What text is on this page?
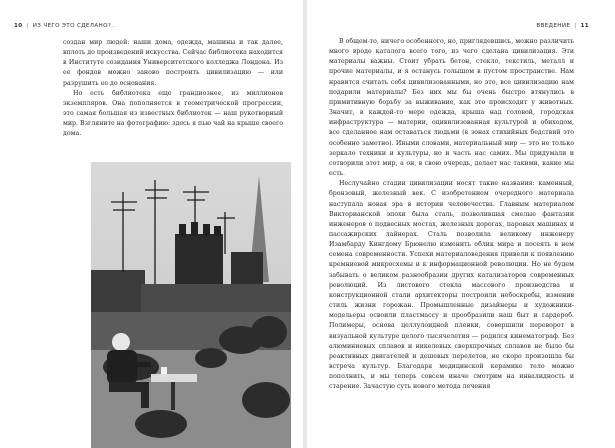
10 | ИЗ ЧЕГО ЭТО СДЕЛАНО?..

создан мир людей: наши дома, одежда, машины и так далее, вплоть до произведений искусства. Сейчас библиотека находится в Институте созидания Университетского колледжа Лондона. Из ее фондов можно заново построить цивилизацию — или разрушить ее до основания.

Но есть библиотека еще грандиознее, из миллионов экземпляров. Она пополняется в геометрической прогрессии, это самая большая из известных библиотек — наш рукотворный мир. Взгляните на фотографию: здесь я пью чай на крыше своего дома.

ВВЕДЕНИЕ | 11

В общем-то, ничего особенного, но, приглядевшись, можно различить много вроде каталога всего того, из чего сделана цивилизация. Эти материалы важны. Стоит убрать бетон, стекло, текстиль, металл и прочие материалы, и я останусь голышом в пустом пространстве. Нам нравится считать себя цивилизованными, но это, все цивилизацию нам подарили материалы? Без них мы бы очень быстро втянулись в примитивную борьбу за выживание, как это происходит у животных. Значит, в каждой-то мере одежда, крыша над головой, городская инфраструктура — материи, оцивилизованная культурой и обиходом, все сделанное нам оставаться людьми (в зонах стихийных бедствий это особенно заметно). Иными словами, материальный мир — это не только зеркало техники и культуры, но и часть нас самих. Мы придумали и сотворили этот мир, а он, в свою очередь, делает нас такими, какие мы есть.

Неслучайно стадии цивилизации носят такие названия: каменный, бронзовый, железный век. С изобретением очередного материала наступала новая эра в истории человечества. Главным материалом Викторианской эпохи была сталь, позволившая смелые фантазии инженеров о подвесных мостах, железных дорогах, паровых машинах и пассажирских лайнерах. Сталь позволила великому инженеру Изамбарду Кингдому Брюнелю изменить облик мира и посеять в нем семена современности. Успехи материаловедения привели к появлению кремниевой микросхемы и к информационной революции. Но не будем забывать о великом разнообразии других катализаторов современных революций. Из листового стекла массового производства и конструкционной стали архитекторы построили небоскребы, изменив стиль жизни горожан. Промышленные дизайнеры и художники-модельеры освоили пластмассу и преобразили наш быт и гардероб. Полимеры, основа целлулоидной пленки, совершили переворот в визуальной культуре целого тысячелетия — родился кинематограф. Без алюминиевых сплавов и никелевых сверхпрочных сплавов не было бы реактивных двигателей и дешевых перелетов, не скоро произошла бы встреча культур. Благодаря медицинской керамике тело можно пополнить, и мы теперь совсем иначе смотрим на инвалидность и старение. Зачастую суть нового метода лечения
